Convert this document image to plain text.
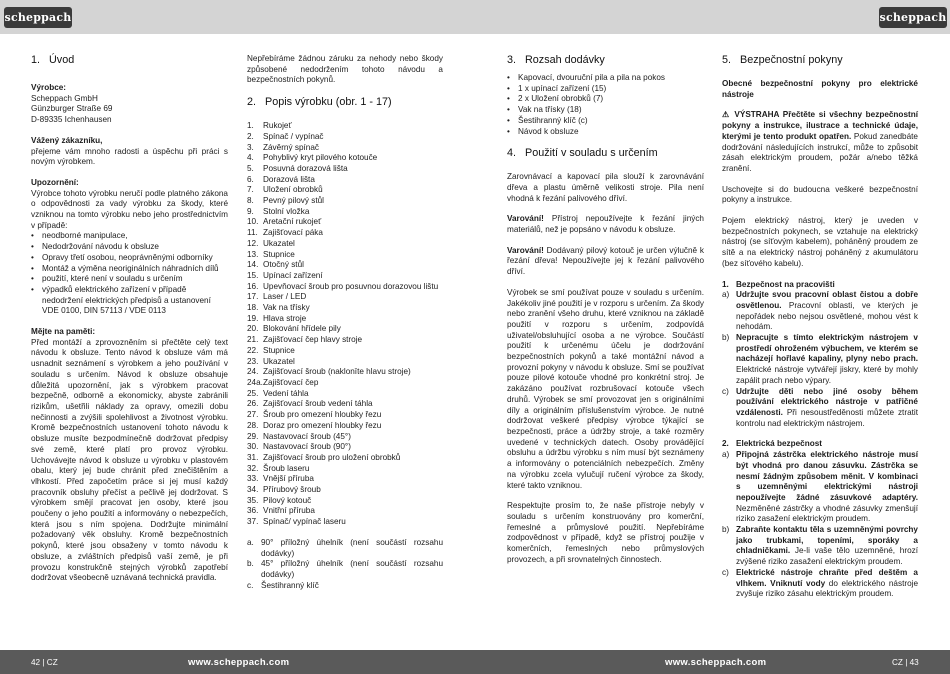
scheppach	scheppach
1. Úvod
Výrobce:
Scheppach GmbH
Günzburger Straße 69
D-89335 Ichenhausen
Vážený zákazníku,
přejeme vám mnoho radosti a úspěchu při práci s novým výrobkem.
Upozornění:
Výrobce tohoto výrobku neručí podle platného zákona o odpovědnosti za vady výrobku za škody, které vzniknou na tomto výrobku nebo jeho prostřednictvím v případě:
• neodborné manipulace,
• Nedodržování návodu k obsluze
• Opravy třetí osobou, neoprávněnými odborníky
• Montáž a výměna neoriginálních náhradních dílů
• použití, které není v souladu s určením
• výpadků elektrického zařízení v případě nedodržení elektrických předpisů a ustanovení VDE 0100, DIN 57113 / VDE 0113
Mějte na paměti:
Před montáží a zprovozněním si přečtěte celý text návodu k obsluze. Tento návod k obsluze vám má usnadnit seznámení s výrobkem a jeho používání v souladu s určením. Návod k obsluze obsahuje důležitá upozornění, jak s výrobkem pracovat bezpečně, odborně a ekonomicky, abyste zabránili rizikům, ušetřili náklady za opravy, omezili dobu nečinnosti a zvýšili spolehlivost a životnost výrobku. Kromě bezpečnostních ustanovení tohoto návodu k obsluze musíte bezpodmínečně dodržovat předpisy své země, které platí pro provoz výrobku. Uchovávejte návod k obsluze u výrobku v plastovém obalu, který jej bude chránit před znečištěním a vlhkostí. Před započetím práce si jej musí každý pracovník obsluhy přečíst a pečlivě jej dodržovat. S výrobkem smějí pracovat jen osoby, které jsou poučeny o jeho použití a informovány o nebezpečích, která jsou s ním spojena. Dodržujte minimální požadovaný věk obsluhy. Kromě bezpečnostních pokynů, které jsou obsaženy v tomto návodu k obsluze, a zvláštních předpisů vaší země, je při provozu konstrukčně stejných výrobků zapotřebí dodržovat všeobecně uznávaná technická pravidla.
Nepřebíráme žádnou záruku za nehody nebo škody způsobené nedodržením tohoto návodu a bezpečnostních pokynů.
2. Popis výrobku (obr. 1 - 17)
1.	Rukojeť
2.	Spínač / vypínač
3.	Závěrný spínač
4.	Pohyblivý kryt pilového kotouče
5.	Posuvná dorazová lišta
6.	Dorazová lišta
7.	Uložení obrobků
8.	Pevný pilový stůl
9.	Stolní vložka
10. Aretační rukojeť
11. Zajišťovací páka
12. Ukazatel
13. Stupnice
14. Otočný stůl
15. Upínací zařízení
16. Upevňovací šroub pro posuvnou dorazovou lištu
17. Laser / LED
18. Vak na třísky
19. Hlava stroje
20. Blokování hřídele pily
21. Zajišťovací čep hlavy stroje
22. Stupnice
23. Ukazatel
24. Zajišťovací šroub (naklonīte hlavu stroje)
24a. Zajišťovací čep
25. Vedení táhla
26. Zajišťovací šroub vedení táhla
27. Šroub pro omezení hloubky řezu
28. Doraz pro omezení hloubky řezu
29. Nastavovací šroub (45°)
30. Nastavovací šroub (90°)
31. Zajišťovací šroub pro uložení obrobků
32. Šroub laseru
33. Vnější příruba
34. Přírubový šroub
35. Pilový kotouč
36. Vnitřní příruba
37. Spínač/ vypínač laseru
a. 90° příložný úhelník (není součástí rozsahu dodávky)
b. 45° příložný úhelník (není součástí rozsahu dodávky)
c. Šestihranný klíč
3. Rozsah dodávky
• Kapovací, dvouruční pila a pila na pokos
• 1 x upínací zařízení (15)
• 2 x Uložení obrobků (7)
• Vak na třísky (18)
• Šestihranný klíč (c)
• Návod k obsluze
4. Použití v souladu s určením
Zarovnávací a kapovací pila slouží k zarovnávání dřeva a plastu úměrně velikosti stroje. Pila není vhodná k řezání palivového dříví.
Varování! Přístroj nepoužívejte k řezání jiných materiálů, než je popsáno v návodu k obsluze.
Varování! Dodávaný pilový kotouč je určen výlučně k řezání dřeva! Nepoužívejte jej k řezání palivového dříví.
Výrobek se smí používat pouze v souladu s určením. Jakékoliv jiné použití je v rozporu s určením. Za škody nebo zranění všeho druhu, které vzniknou na základě použití v rozporu s určením, zodpovídá uživatel/obsluhující osoba a ne výrobce. Součástí použití k určenému účelu je dodržování bezpečnostních pokynů a také montážní návod a provozní pokyny v návodu k obsluze. Smí se používat pouze pilové kotouče vhodné pro konkrétní stroj. Je zakázáno používat rozbrušovací kotouče všech druhů. Výrobek se smí provozovat jen s originálními díly a originálním příslušenstvím výrobce. Je nutné dodržovat veškeré předpisy výrobce týkající se bezpečnosti, práce a údržby stroje, a také rozměry uvedené v technických datech. Osoby provádějící obsluhu a údržbu výrobku s ním musí být seznámeny a informovány o potenciálních nebezpečích. Změny na výrobku zcela vylučují ručení výrobce za škody, které takto vzniknou.
Respektujte prosím to, že naše přístroje nebyly v souladu s určením konstruovány pro komerční, řemeslné a průmyslové použití. Nepřebíráme zodpovědnost v případě, když se přístroj použije v komerčních, řemeslných nebo průmyslových provozech, a při srovnatelných činnostech.
5. Bezpečnostní pokyny
Obecné bezpečnostní pokyny pro elektrické nástroje
⚠ VÝSTRAHA Přečtěte si všechny bezpečnostní pokyny a instrukce, ilustrace a technické údaje, kterými je tento produkt opatřen. Pokud zanedbáte dodržování následujících instrukcí, může to způsobit zásah elektrickým proudem, požár a/nebo těžká zranění.
Uschovejte si do budoucna veškeré bezpečnostní pokyny a instrukce.
Pojem elektrický nástroj, který je uveden v bezpečnostních pokynech, se vztahuje na elektrický nástroj (se síťovým kabelem), poháněný proudem ze sítě a na elektrický nástroj poháněný z akumulátoru (bez síťového kabelu).
1. Bezpečnost na pracovišti
a) Udržujte svou pracovní oblast čistou a dobře osvětlenou. Pracovní oblasti, ve kterých je nepořádek nebo nejsou osvětlené, mohou vést k nehodám.
b) Nepracujte s tímto elektrickým nástrojem v prostředí ohroženém výbuchem, ve kterém se nacházejí hořlavé kapaliny, plyny nebo prach. Elektrické nástroje vytvářejí jiskry, které by mohly zapálit prach nebo výpary.
c) Udržujte děti nebo jiné osoby během používání elektrického nástroje v patřičné vzdálenosti. Při nesoustředěnosti můžete ztratit kontrolu nad elektrickým nástrojem.
2. Elektrická bezpečnost
a) Připojná zástrčka elektrického nástroje musí být vhodná pro danou zásuvku. Zástrčka se nesmí žádným způsobem měnit. V kombinaci s uzemněnými elektrickými nástroji nepoužívejte žádné zásuvkové adaptéry. Nezměněné zástrčky a vhodné zásuvky zmenšují riziko zasažení elektrickým proudem.
b) Zabraňte kontaktu těla s uzemněnými povrchy jako trubkami, topeními, sporáky a chladničkami. Je-li vaše tělo uzemněné, hrozí zvýšené riziko zasažení elektrickým proudem.
c) Elektrické nástroje chraňte před deštěm a vlhkem. Vniknutí vody do elektrického nástroje zvyšuje riziko zásahu elektrickým proudem.
42 | CZ	www.scheppach.com	www.scheppach.com	CZ | 43
